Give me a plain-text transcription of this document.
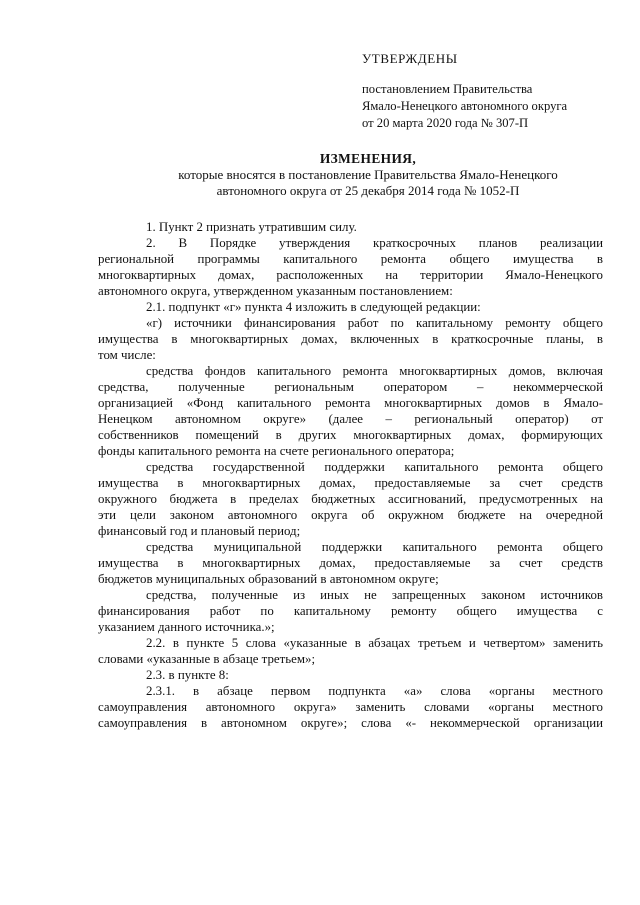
УТВЕРЖДЕНЫ
постановлением Правительства
Ямало-Ненецкого автономного округа
от 20 марта 2020 года № 307-П
ИЗМЕНЕНИЯ,
которые вносятся в постановление Правительства Ямало-Ненецкого
автономного округа от 25 декабря 2014 года № 1052-П
1. Пункт 2 признать утратившим силу.
2. В Порядке утверждения краткосрочных планов реализации
региональной программы капитального ремонта общего имущества в
многоквартирных домах, расположенных на территории Ямало-Ненецкого
автономного округа, утвержденном указанным постановлением:
2.1. подпункт «г» пункта 4 изложить в следующей редакции:
«г) источники финансирования работ по капитальному ремонту общего
имущества в многоквартирных домах, включенных в краткосрочные планы, в
том числе:
средства фондов капитального ремонта многоквартирных домов, включая
средства, полученные региональным оператором – некоммерческой
организацией «Фонд капитального ремонта многоквартирных домов в Ямало-
Ненецком автономном округе» (далее – региональный оператор) от
собственников помещений в других многоквартирных домах, формирующих
фонды капитального ремонта на счете регионального оператора;
средства государственной поддержки капитального ремонта общего
имущества в многоквартирных домах, предоставляемые за счет средств
окружного бюджета в пределах бюджетных ассигнований, предусмотренных на
эти цели законом автономного округа об окружном бюджете на очередной
финансовый год и плановый период;
средства муниципальной поддержки капитального ремонта общего
имущества в многоквартирных домах, предоставляемые за счет средств
бюджетов муниципальных образований в автономном округе;
средства, полученные из иных не запрещенных законом источников
финансирования работ по капитальному ремонту общего имущества с
указанием данного источника.»;
2.2. в пункте 5 слова «указанные в абзацах третьем и четвертом» заменить
словами «указанные в абзаце третьем»;
2.3. в пункте 8:
2.3.1. в абзаце первом подпункта «а» слова «органы местного
самоуправления автономного округа» заменить словами «органы местного
самоуправления в автономном округе»; слова «- некоммерческой организации
